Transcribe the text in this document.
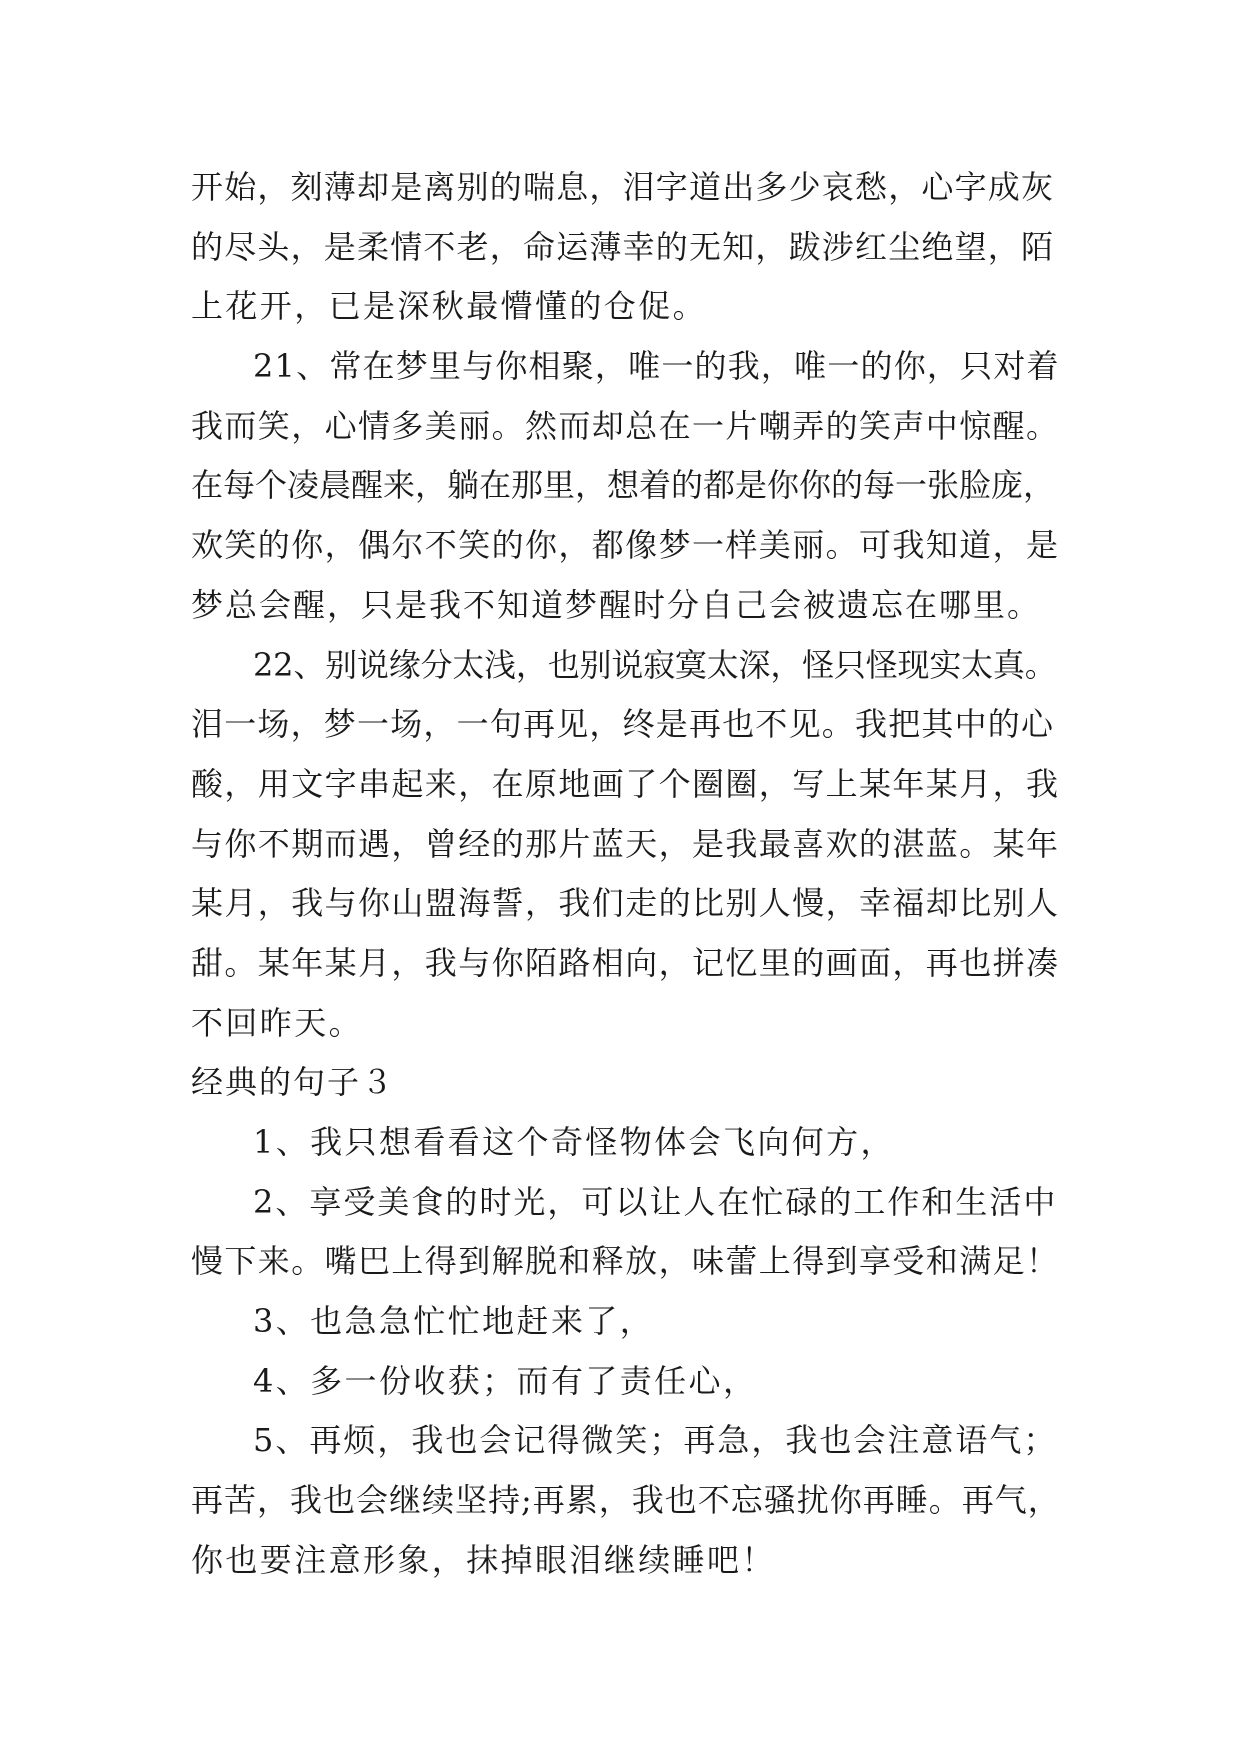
开始，刻薄却是离别的喘息，泪字道出多少哀愁，心字成灰
的尽头，是柔情不老，命运薄幸的无知，跋涉红尘绝望，陌
上花开，已是深秋最懵懂的仓促。
21、常在梦里与你相聚，唯一的我，唯一的你，只对着
我而笑，心情多美丽。然而却总在一片嘲弄的笑声中惊醒。
在每个凌晨醒来，躺在那里，想着的都是你你的每一张脸庞，
欢笑的你，偶尔不笑的你，都像梦一样美丽。可我知道，是
梦总会醒，只是我不知道梦醒时分自己会被遗忘在哪里。
22、别说缘分太浅，也别说寂寞太深，怪只怪现实太真。
泪一场，梦一场，一句再见，终是再也不见。我把其中的心
酸，用文字串起来，在原地画了个圈圈，写上某年某月，我
与你不期而遇，曾经的那片蓝天，是我最喜欢的湛蓝。某年
某月，我与你山盟海誓，我们走的比别人慢，幸福却比别人
甜。某年某月，我与你陌路相向，记忆里的画面，再也拼凑
不回昨天。
经典的句子３
1、我只想看看这个奇怪物体会飞向何方，
2、享受美食的时光，可以让人在忙碌的工作和生活中
慢下来。嘴巴上得到解脱和释放，味蕾上得到享受和满足！
3、也急急忙忙地赶来了，
4、多一份收获；而有了责任心，
5、再烦，我也会记得微笑；再急，我也会注意语气；
再苦，我也会继续坚持;再累，我也不忘骚扰你再睡。再气，
你也要注意形象，抹掉眼泪继续睡吧！
